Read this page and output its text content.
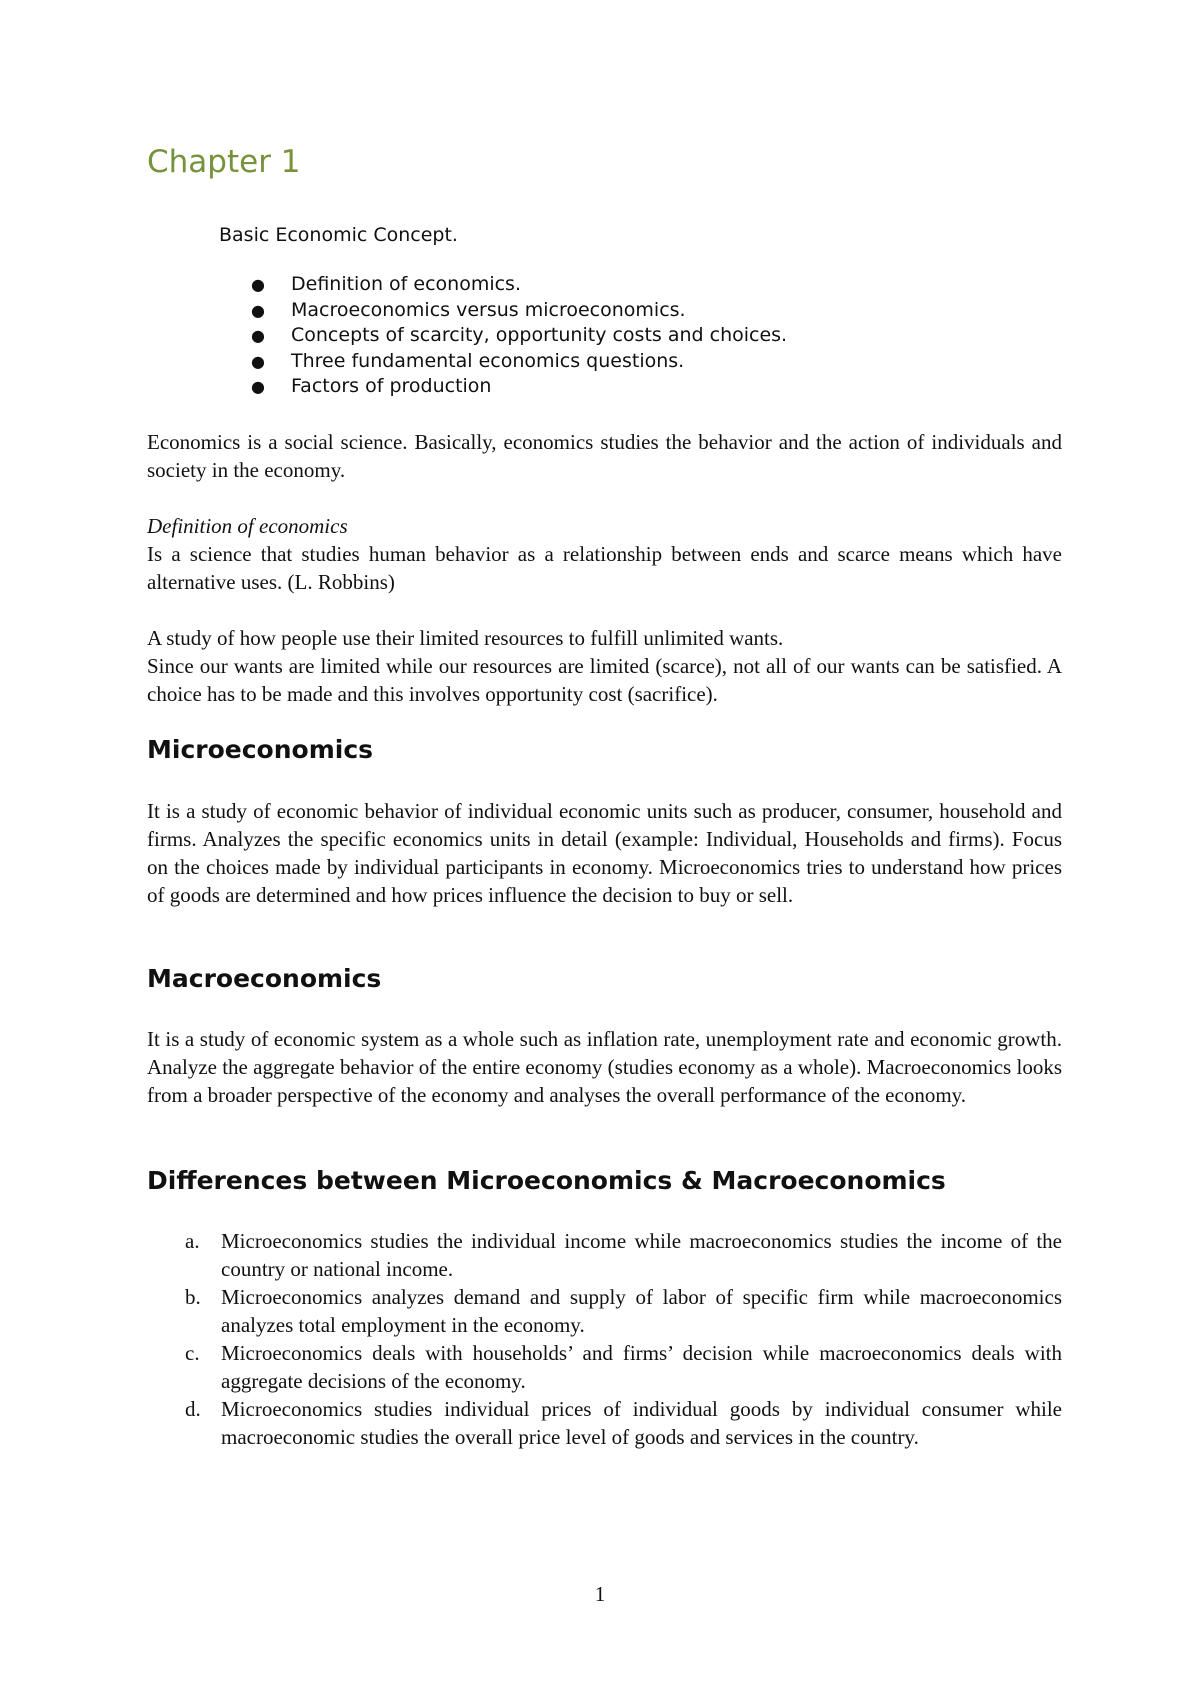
Chapter 1

Basic Economic Concept.

● Definition of economics.
● Macroeconomics versus microeconomics.
● Concepts of scarcity, opportunity costs and choices.
● Three fundamental economics questions.
● Factors of production

Economics is a social science. Basically, economics studies the behavior and the action of individuals and society in the economy.

Definition of economics
Is a science that studies human behavior as a relationship between ends and scarce means which have alternative uses. (L. Robbins)
A study of how people use their limited resources to fulfill unlimited wants.
Since our wants are limited while our resources are limited (scarce), not all of our wants can be satisfied. A choice has to be made and this involves opportunity cost (sacrifice).
Microeconomics

It is a study of economic behavior of individual economic units such as producer, consumer, household and firms. Analyzes the specific economics units in detail (example: Individual, Households and firms). Focus on the choices made by individual participants in economy. Microeconomics tries to understand how prices of goods are determined and how prices influence the decision to buy or sell.

Macroeconomics

It is a study of economic system as a whole such as inflation rate, unemployment rate and economic growth. Analyze the aggregate behavior of the entire economy (studies economy as a whole). Macroeconomics looks from a broader perspective of the economy and analyses the overall performance of the economy.

Differences between Microeconomics & Macroeconomics
a. Microeconomics studies the individual income while macroeconomics studies the income of the country or national income.
b. Microeconomics analyzes demand and supply of labor of specific firm while macroeconomics analyzes total employment in the economy.
c. Microeconomics deals with households’ and firms’ decision while macroeconomics deals with aggregate decisions of the economy.
d. Microeconomics studies individual prices of individual goods by individual consumer while macroeconomic studies the overall price level of goods and services in the country.
1
